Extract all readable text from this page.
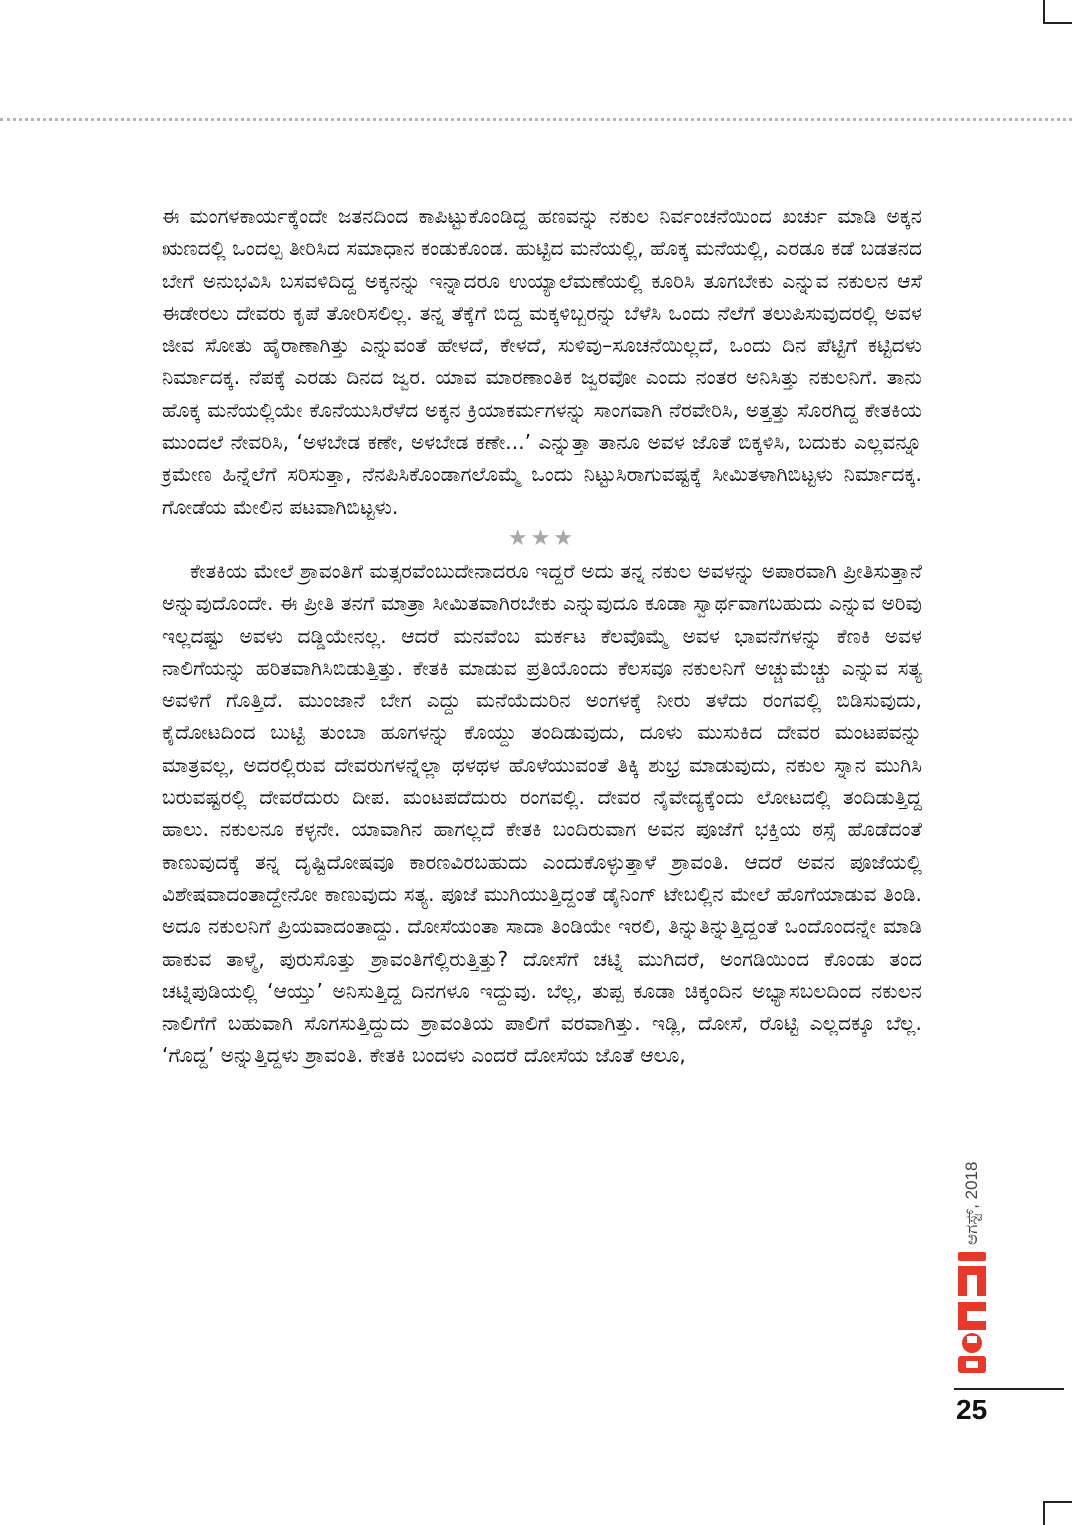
ಈ ಮಂಗಳಕಾರ್ಯಕ್ಕೆಂದೇ ಜತನದಿಂದ ಕಾಪಿಟ್ಟುಕೊಂಡಿದ್ದ ಹಣವನ್ನು ನಕುಲ ನಿರ್ವಂಚನೆಯಿಂದ ಖರ್ಚು ಮಾಡಿ ಅಕ್ಕನ ಋಣದಲ್ಲಿ ಒಂದಲ್ಪ ತೀರಿಸಿದ ಸಮಾಧಾನ ಕಂಡುಕೊಂಡ. ಹುಟ್ಟಿದ ಮನೆಯಲ್ಲಿ, ಹೊಕ್ಕ ಮನೆಯಲ್ಲಿ, ಎರಡೂ ಕಡೆ ಬಡತನದ ಬೇಗೆ ಅನುಭವಿಸಿ ಬಸವಳಿದಿದ್ದ ಅಕ್ಕನನ್ನು ಇನ್ನಾದರೂ ಉಯ್ಯಾಲೆಮಣೆಯಲ್ಲಿ ಕೂರಿಸಿ ತೂಗಬೇಕು ಎನ್ನುವ ನಕುಲನ ಆಸೆ ಈಡೇರಲು ದೇವರು ಕೃಪೆ ತೋರಿಸಲಿಲ್ಲ. ತನ್ನ ತೆಕ್ಕೆಗೆ ಬಿದ್ದ ಮಕ್ಕಳಿಬ್ಬರನ್ನು ಬೆಳೆಸಿ ಒಂದು ನೆಲೆಗೆ ತಲುಪಿಸುವುದರಲ್ಲಿ ಅವಳ ಜೀವ ಸೋತು ಹೈರಾಣಾಗಿತ್ತು ಎನ್ನುವಂತೆ ಹೇಳದೆ, ಕೇಳದೆ, ಸುಳಿವು–ಸೂಚನೆಯಿಲ್ಲದೆ, ಒಂದು ದಿನ ಪೆಟ್ಟಿಗೆ ಕಟ್ಟಿದಳು ನಿರ್ಮಾದಕ್ಕ. ನೆಪಕ್ಕೆ ಎರಡು ದಿನದ ಜ್ವರ. ಯಾವ ಮಾರಣಾಂತಿಕ ಜ್ವರವೋ ಎಂದು ನಂತರ ಅನಿಸಿತ್ತು ನಕುಲನಿಗೆ. ತಾನು ಹೊಕ್ಕ ಮನೆಯಲ್ಲಿಯೇ ಕೊನೆಯುಸಿರೆಳೆದ ಅಕ್ಕನ ಕ್ರಿಯಾಕರ್ಮಗಳನ್ನು ಸಾಂಗವಾಗಿ ನೆರವೇರಿಸಿ, ಅತ್ತತ್ತು ಸೊರಗಿದ್ದ ಕೇತಕಿಯ ಮುಂದಲೆ ನೇವರಿಸಿ, ‘ಅಳಬೇಡ ಕಣೇ, ಅಳಬೇಡ ಕಣೇ...’ ಎನ್ನುತ್ತಾ ತಾನೂ ಅವಳ ಜೊತೆ ಬಿಕ್ಕಳಿಸಿ, ಬದುಕು ಎಲ್ಲವನ್ನೂ ಕ್ರಮೇಣ ಹಿನ್ನೆಲೆಗೆ ಸರಿಸುತ್ತಾ, ನೆನಪಿಸಿಕೊಂಡಾಗಲೊಮ್ಮೆ ಒಂದು ನಿಟ್ಟುಸಿರಾಗುವಷ್ಟಕ್ಕೆ ಸೀಮಿತಳಾಗಿಬಿಟ್ಟಳು ನಿರ್ಮಾದಕ್ಕ. ಗೋಡೆಯ ಮೇಲಿನ ಪಟವಾಗಿಬಿಟ್ಟಳು.

★★★

ಕೇತಕಿಯ ಮೇಲೆ ಶ್ರಾವಂತಿಗೆ ಮತ್ಸರವೆಂಬುದೇನಾದರೂ ಇದ್ದರೆ ಅದು ತನ್ನ ನಕುಲ ಅವಳನ್ನು ಅಪಾರವಾಗಿ ಪ್ರೀತಿಸುತ್ತಾನೆ ಅನ್ನುವುದೊಂದೇ. ಈ ಪ್ರೀತಿ ತನಗೆ ಮಾತ್ರಾ ಸೀಮಿತವಾಗಿರಬೇಕು ಎನ್ನುವುದೂ ಕೂಡಾ ಸ್ವಾರ್ಥವಾಗಬಹುದು ಎನ್ನುವ ಅರಿವು ಇಲ್ಲದಷ್ಟು ಅವಳು ದಡ್ಡಿಯೇನಲ್ಲ. ಆದರೆ ಮನವೆಂಬ ಮರ್ಕಟ ಕೆಲವೊಮ್ಮೆ ಅವಳ ಭಾವನೆಗಳನ್ನು ಕೆಣಕಿ ಅವಳ ನಾಲಿಗೆಯನ್ನು ಹರಿತವಾಗಿಸಿಬಿಡುತ್ತಿತ್ತು. ಕೇತಕಿ ಮಾಡುವ ಪ್ರತಿಯೊಂದು ಕೆಲಸವೂ ನಕುಲನಿಗೆ ಅಚ್ಚುಮೆಚ್ಚು ಎನ್ನುವ ಸತ್ಯ ಅವಳಿಗೆ ಗೊತ್ತಿದೆ. ಮುಂಜಾನೆ ಬೇಗ ಎದ್ದು ಮನೆಯೆದುರಿನ ಅಂಗಳಕ್ಕೆ ನೀರು ತಳೆದು ರಂಗವಲ್ಲಿ ಬಿಡಿಸುವುದು, ಕೈದೋಟದಿಂದ ಬುಟ್ಟಿ ತುಂಬಾ ಹೂಗಳನ್ನು ಕೊಯ್ದು ತಂದಿಡುವುದು, ದೂಳು ಮುಸುಕಿದ ದೇವರ ಮಂಟಪವನ್ನು ಮಾತ್ರವಲ್ಲ, ಅದರಲ್ಲಿರುವ ದೇವರುಗಳನ್ನೆಲ್ಲಾ ಥಳಥಳ ಹೊಳೆಯುವಂತೆ ತಿಕ್ಕಿ ಶುಭ್ರ ಮಾಡುವುದು, ನಕುಲ ಸ್ನಾನ ಮುಗಿಸಿ ಬರುವಷ್ಟರಲ್ಲಿ ದೇವರೆದುರು ದೀಪ. ಮಂಟಪದೆದುರು ರಂಗವಲ್ಲಿ. ದೇವರ ನೈವೇದ್ಯಕ್ಕೆಂದು ಲೋಟದಲ್ಲಿ ತಂದಿಡುತ್ತಿದ್ದ ಹಾಲು. ನಕುಲನೂ ಕಳ್ಳನೇ. ಯಾವಾಗಿನ ಹಾಗಲ್ಲದೆ ಕೇತಕಿ ಬಂದಿರುವಾಗ ಅವನ ಪೂಜೆಗೆ ಭಕ್ತಿಯ ಠಸ್ಸೆ ಹೊಡೆದಂತೆ ಕಾಣುವುದಕ್ಕೆ ತನ್ನ ದೃಷ್ಟಿದೋಷವೂ ಕಾರಣವಿರಬಹುದು ಎಂದುಕೊಳ್ಳುತ್ತಾಳೆ ಶ್ರಾವಂತಿ. ಆದರೆ ಅವನ ಪೂಜೆಯಲ್ಲಿ ವಿಶೇಷವಾದಂತಾದ್ದೇನೋ ಕಾಣುವುದು ಸತ್ಯ. ಪೂಜೆ ಮುಗಿಯುತ್ತಿದ್ದಂತೆ ಡೈನಿಂಗ್ ಟೇಬಲ್ಲಿನ ಮೇಲೆ ಹೊಗೆಯಾಡುವ ತಿಂಡಿ. ಅದೂ ನಕುಲನಿಗೆ ಪ್ರಿಯವಾದಂತಾದ್ದು. ದೋಸೆಯಂತಾ ಸಾದಾ ತಿಂಡಿಯೇ ಇರಲಿ, ತಿನ್ನುತಿನ್ನುತ್ತಿದ್ದಂತೆ ಒಂದೊಂದನ್ನೇ ಮಾಡಿ ಹಾಕುವ ತಾಳ್ಮೆ, ಪುರುಸೊತ್ತು ಶ್ರಾವಂತಿಗೆಲ್ಲಿರುತ್ತಿತ್ತು? ದೋಸೆಗೆ ಚಟ್ನಿ ಮುಗಿದರೆ, ಅಂಗಡಿಯಿಂದ ಕೊಂಡು ತಂದ ಚಟ್ನಿಪುಡಿಯಲ್ಲಿ ‘ಆಯ್ತು’ ಅನಿಸುತ್ತಿದ್ದ ದಿನಗಳೂ ಇದ್ದುವು. ಬೆಲ್ಲ, ತುಪ್ಪ ಕೂಡಾ ಚಿಕ್ಕಂದಿನ ಅಭ್ಯಾಸಬಲದಿಂದ ನಕುಲನ ನಾಲಿಗೆಗೆ ಬಹುವಾಗಿ ಸೊಗಸುತ್ತಿದ್ದುದು ಶ್ರಾವಂತಿಯ ಪಾಲಿಗೆ ವರವಾಗಿತ್ತು. ಇಡ್ಲಿ, ದೋಸೆ, ರೊಟ್ಟಿ ಎಲ್ಲದಕ್ಕೂ ಬೆಲ್ಲ. ‘ಗೊದ್ದ’ ಅನ್ನುತ್ತಿದ್ದಳು ಶ್ರಾವಂತಿ. ಕೇತಕಿ ಬಂದಳು ಎಂದರೆ ದೋಸೆಯ ಜೊತೆ ಆಲೂ,

ಆಗಸ್ಟ್, 2018
25
